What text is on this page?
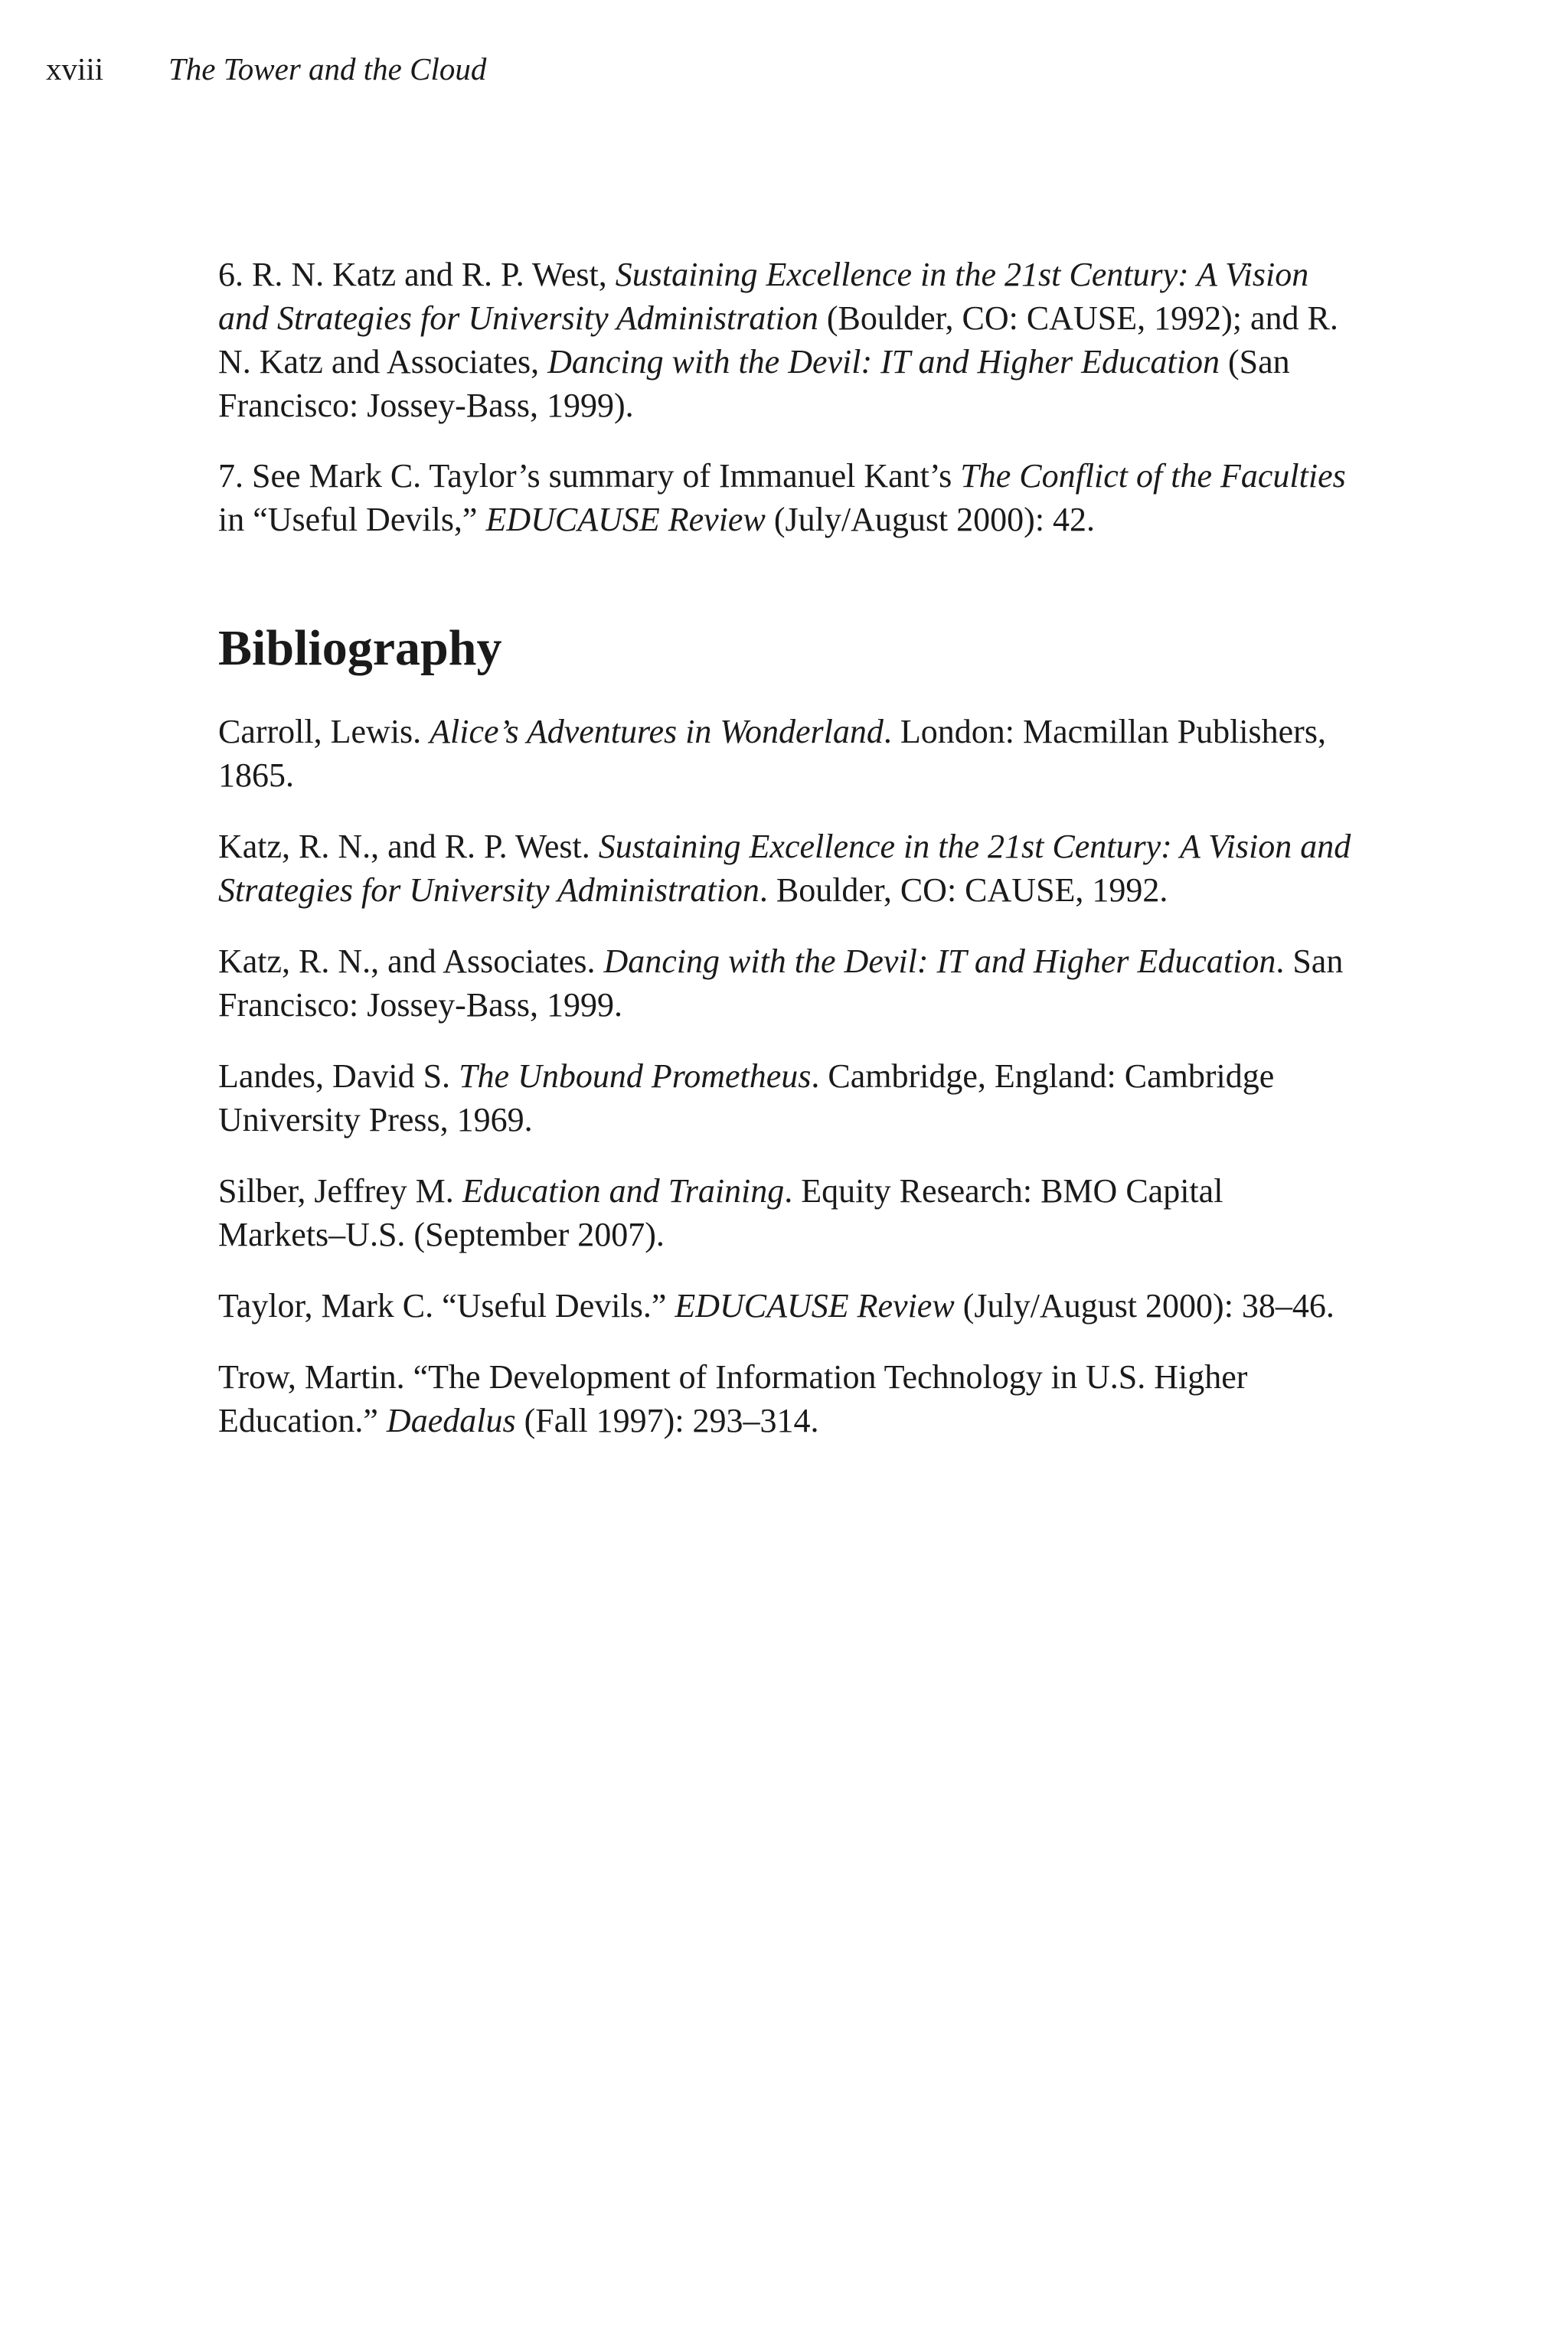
xviii	The Tower and the Cloud

6. R. N. Katz and R. P. West, Sustaining Excellence in the 21st Century: A Vision and Strategies for University Administration (Boulder, CO: CAUSE, 1992); and R. N. Katz and Associates, Dancing with the Devil: IT and Higher Education (San Francisco: Jossey-Bass, 1999).

7. See Mark C. Taylor’s summary of Immanuel Kant’s The Conflict of the Faculties in “Useful Devils,” EDUCAUSE Review (July/August 2000): 42.

Bibliography

Carroll, Lewis. Alice’s Adventures in Wonderland. London: Macmillan Publishers, 1865.

Katz, R. N., and R. P. West. Sustaining Excellence in the 21st Century: A Vision and Strategies for University Administration. Boulder, CO: CAUSE, 1992.

Katz, R. N., and Associates. Dancing with the Devil: IT and Higher Education. San Francisco: Jossey-Bass, 1999.

Landes, David S. The Unbound Prometheus. Cambridge, England: Cambridge University Press, 1969.

Silber, Jeffrey M. Education and Training. Equity Research: BMO Capital Markets–U.S. (September 2007).

Taylor, Mark C. “Useful Devils.” EDUCAUSE Review (July/August 2000): 38–46.

Trow, Martin. “The Development of Information Technology in U.S. Higher Education.” Daedalus (Fall 1997): 293–314.
